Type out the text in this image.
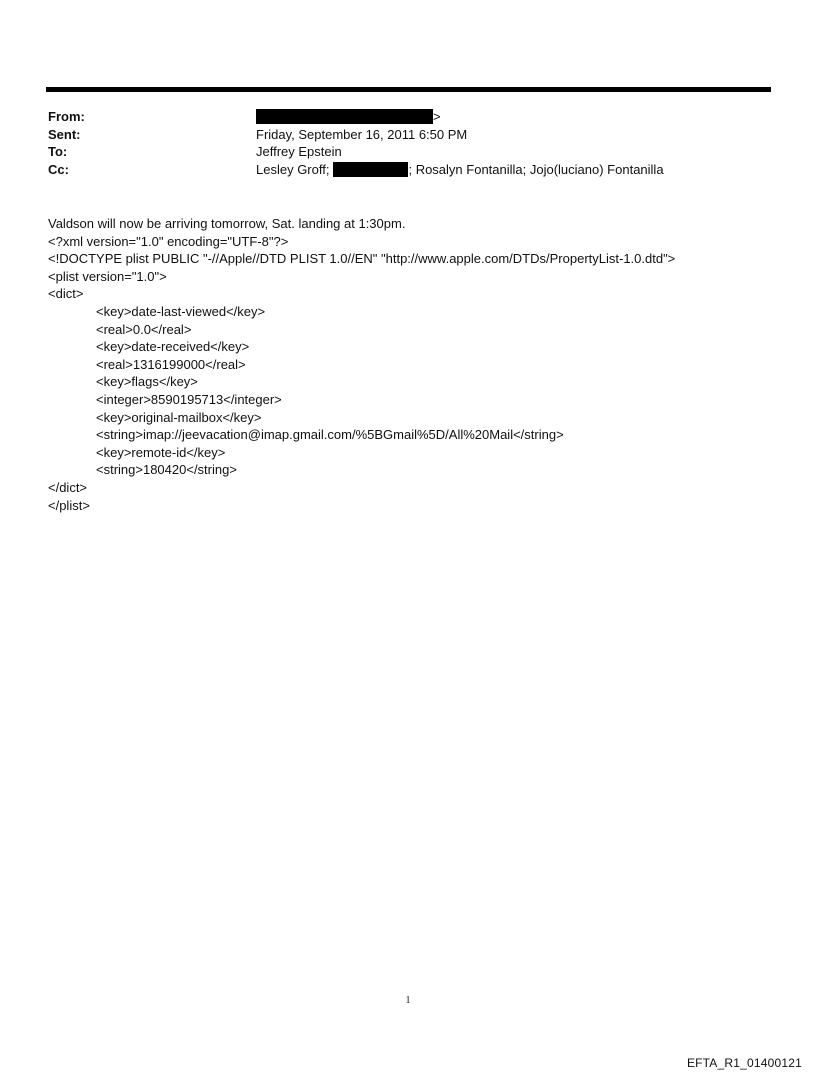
From:	>
Sent:	Friday, September 16, 2011 6:50 PM
To:	Jeffrey Epstein
Cc:	Lesley Groff;	; Rosalyn Fontanilla; Jojo(luciano) Fontanilla
Valdson will now be arriving tomorrow, Sat. landing at 1:30pm.
<?xml version="1.0" encoding="UTF-8"?>
<!DOCTYPE plist PUBLIC "-//Apple//DTD PLIST 1.0//EN" "http://www.apple.com/DTDs/PropertyList-1.0.dtd">
<plist version="1.0">
<dict>
<key>date-last-viewed</key>
<real>0.0</real>
<key>date-received</key>
<real>1316199000</real>
<key>flags</key>
<integer>8590195713</integer>
<key>original-mailbox</key>
<string>imap://jeevacation@imap.gmail.com/%5BGmail%5D/All%20Mail</string>
<key>remote-id</key>
<string>180420</string>
</dict>
</plist>
1
EFTA_R1_01400121
